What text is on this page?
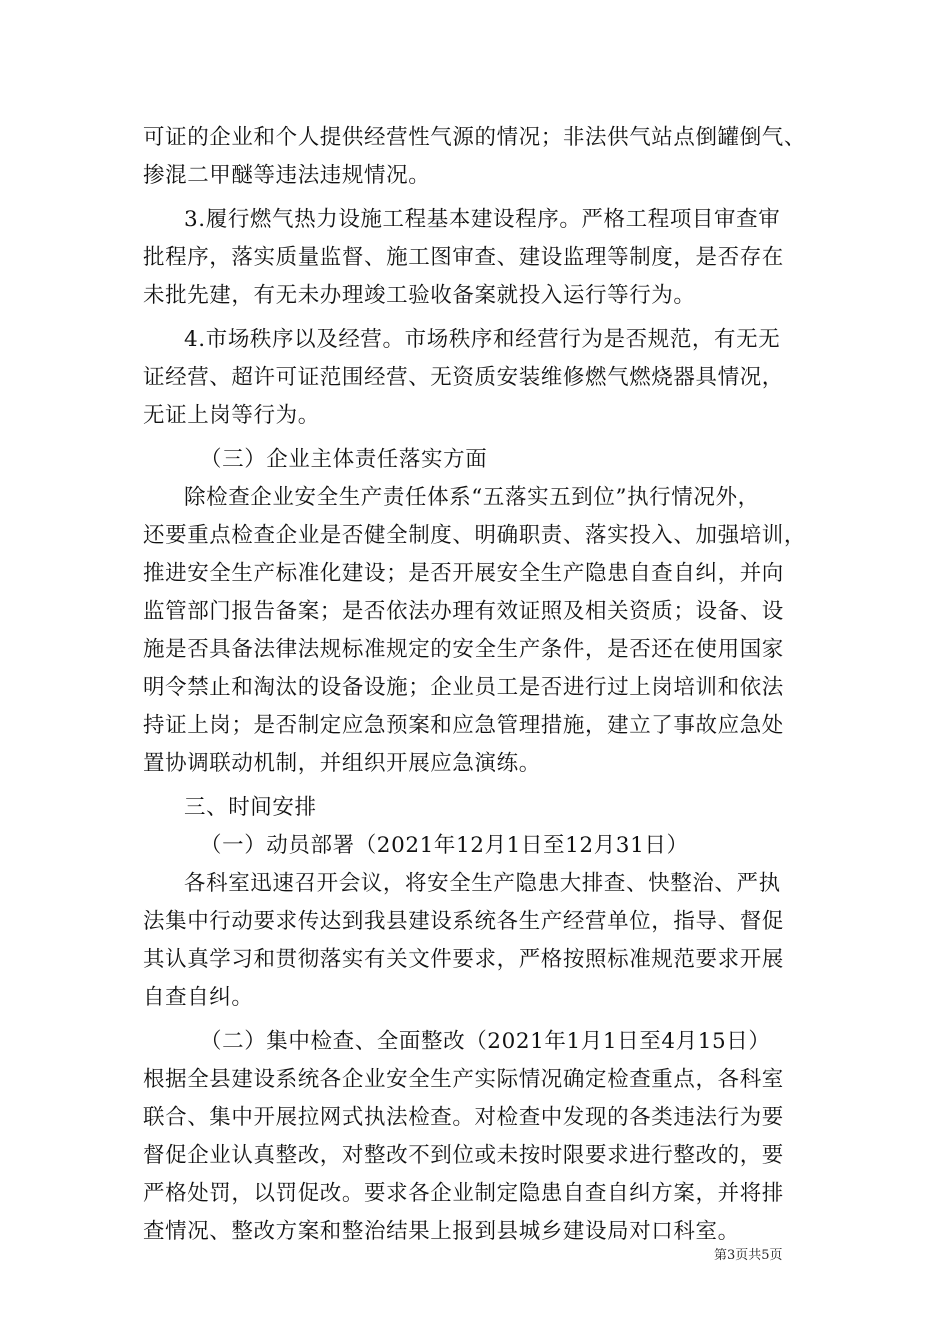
可证的企业和个人提供经营性气源的情况；非法供气站点倒罐倒气、
掺混二甲醚等违法违规情况。
3.履行燃气热力设施工程基本建设程序。严格工程项目审查审
批程序，落实质量监督、施工图审查、建设监理等制度，是否存在
未批先建，有无未办理竣工验收备案就投入运行等行为。
4.市场秩序以及经营。市场秩序和经营行为是否规范，有无无
证经营、超许可证范围经营、无资质安装维修燃气燃烧器具情况，
无证上岗等行为。
（三）企业主体责任落实方面
除检查企业安全生产责任体系“五落实五到位”执行情况外，
还要重点检查企业是否健全制度、明确职责、落实投入、加强培训，
推进安全生产标准化建设；是否开展安全生产隐患自查自纠，并向
监管部门报告备案；是否依法办理有效证照及相关资质；设备、设
施是否具备法律法规标准规定的安全生产条件，是否还在使用国家
明令禁止和淘汰的设备设施；企业员工是否进行过上岗培训和依法
持证上岗；是否制定应急预案和应急管理措施，建立了事故应急处
置协调联动机制，并组织开展应急演练。
三、时间安排
（一）动员部署（2021年12月1日至12月31日）
各科室迅速召开会议，将安全生产隐患大排查、快整治、严执
法集中行动要求传达到我县建设系统各生产经营单位，指导、督促
其认真学习和贯彻落实有关文件要求，严格按照标准规范要求开展
自查自纠。
（二）集中检查、全面整改（2021年1月1日至4月15日）
根据全县建设系统各企业安全生产实际情况确定检查重点，各科室
联合、集中开展拉网式执法检查。对检查中发现的各类违法行为要
督促企业认真整改，对整改不到位或未按时限要求进行整改的，要
严格处罚，以罚促改。要求各企业制定隐患自查自纠方案，并将排
查情况、整改方案和整治结果上报到县城乡建设局对口科室。
第3页共5页
